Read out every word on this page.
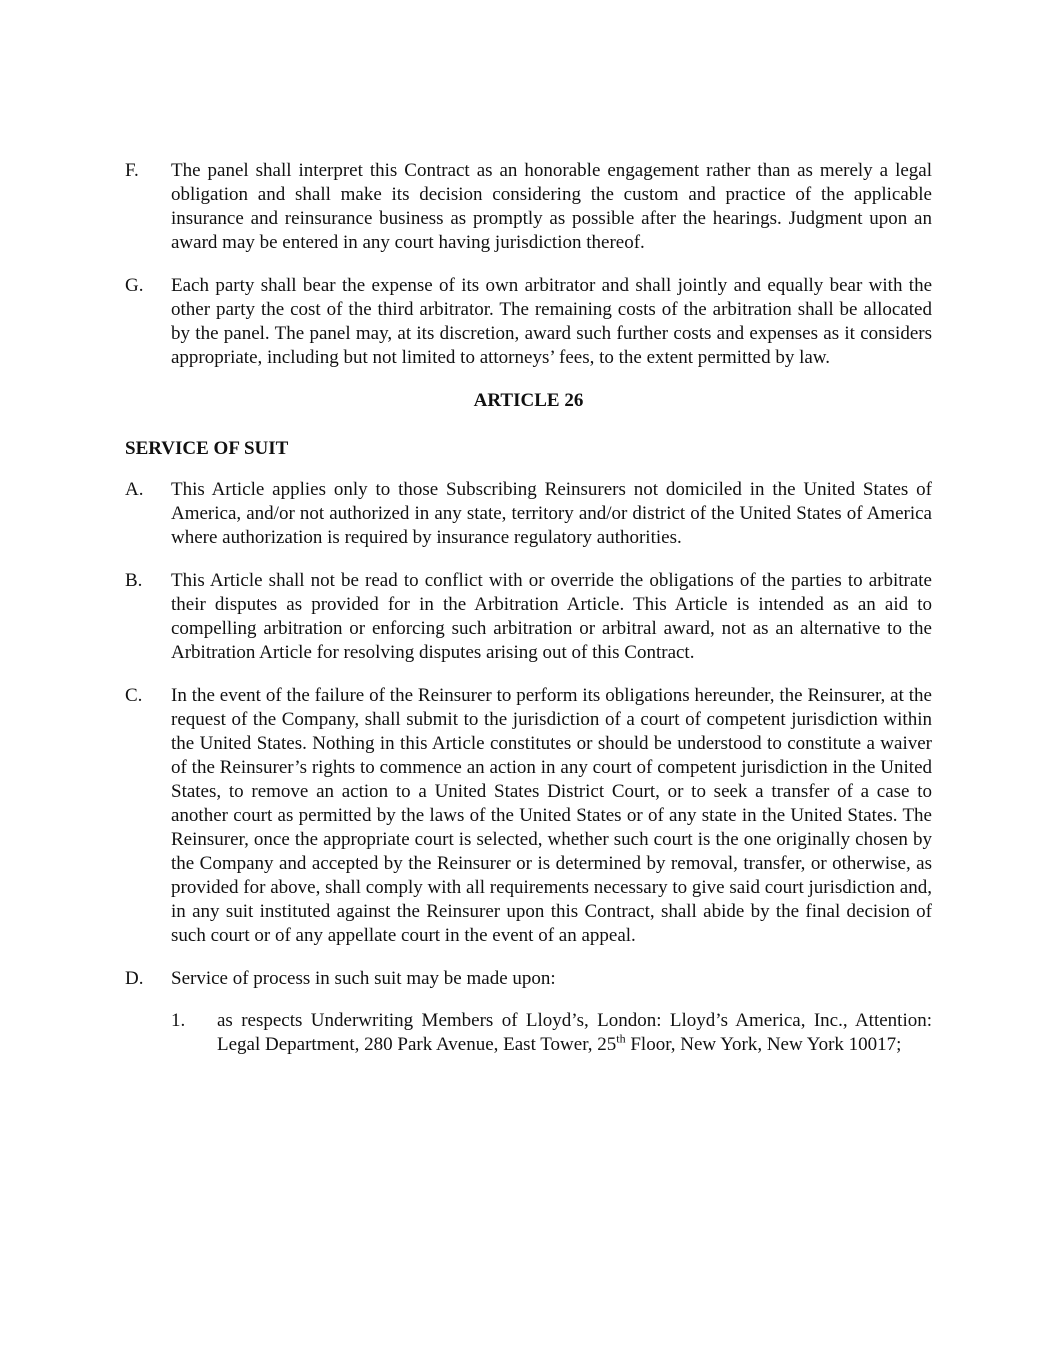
F.	The panel shall interpret this Contract as an honorable engagement rather than as merely a legal obligation and shall make its decision considering the custom and practice of the applicable insurance and reinsurance business as promptly as possible after the hearings. Judgment upon an award may be entered in any court having jurisdiction thereof.
G.	Each party shall bear the expense of its own arbitrator and shall jointly and equally bear with the other party the cost of the third arbitrator. The remaining costs of the arbitration shall be allocated by the panel. The panel may, at its discretion, award such further costs and expenses as it considers appropriate, including but not limited to attorneys’ fees, to the extent permitted by law.
ARTICLE 26
SERVICE OF SUIT
A.	This Article applies only to those Subscribing Reinsurers not domiciled in the United States of America, and/or not authorized in any state, territory and/or district of the United States of America where authorization is required by insurance regulatory authorities.
B.	This Article shall not be read to conflict with or override the obligations of the parties to arbitrate their disputes as provided for in the Arbitration Article. This Article is intended as an aid to compelling arbitration or enforcing such arbitration or arbitral award, not as an alternative to the Arbitration Article for resolving disputes arising out of this Contract.
C.	In the event of the failure of the Reinsurer to perform its obligations hereunder, the Reinsurer, at the request of the Company, shall submit to the jurisdiction of a court of competent jurisdiction within the United States. Nothing in this Article constitutes or should be understood to constitute a waiver of the Reinsurer’s rights to commence an action in any court of competent jurisdiction in the United States, to remove an action to a United States District Court, or to seek a transfer of a case to another court as permitted by the laws of the United States or of any state in the United States. The Reinsurer, once the appropriate court is selected, whether such court is the one originally chosen by the Company and accepted by the Reinsurer or is determined by removal, transfer, or otherwise, as provided for above, shall comply with all requirements necessary to give said court jurisdiction and, in any suit instituted against the Reinsurer upon this Contract, shall abide by the final decision of such court or of any appellate court in the event of an appeal.
D.	Service of process in such suit may be made upon:
1.	as respects Underwriting Members of Lloyd’s, London: Lloyd’s America, Inc., Attention: Legal Department, 280 Park Avenue, East Tower, 25th Floor, New York, New York 10017;
